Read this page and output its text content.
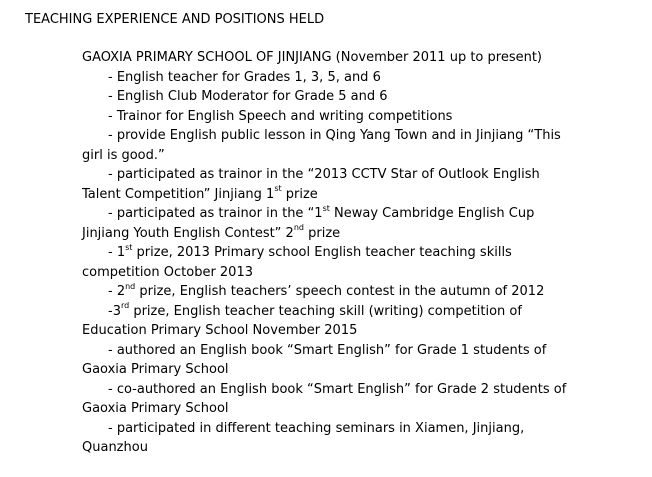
TEACHING EXPERIENCE AND POSITIONS HELD

GAOXIA PRIMARY SCHOOL OF JINJIANG (November 2011 up to present)

- English teacher for Grades 1, 3, 5, and 6
- English Club Moderator for Grade 5 and 6
- Trainor for English Speech and writing competitions
- provide English public lesson in Qing Yang Town and in Jinjiang “This girl is good.”
- participated as trainor in the “2013 CCTV Star of Outlook English Talent Competition” Jinjiang 1st prize
- participated as trainor in the “1st Neway Cambridge English Cup Jinjiang Youth English Contest” 2nd prize
- 1st prize, 2013 Primary school English teacher teaching skills competition October 2013
- 2nd prize, English teachers’ speech contest in the autumn of 2012
-3rd prize, English teacher teaching skill (writing) competition of Education Primary School November 2015
- authored an English book “Smart English” for Grade 1 students of Gaoxia Primary School
- co-authored an English book “Smart English” for Grade 2 students of Gaoxia Primary School
- participated in different teaching seminars in Xiamen, Jinjiang, Quanzhou
